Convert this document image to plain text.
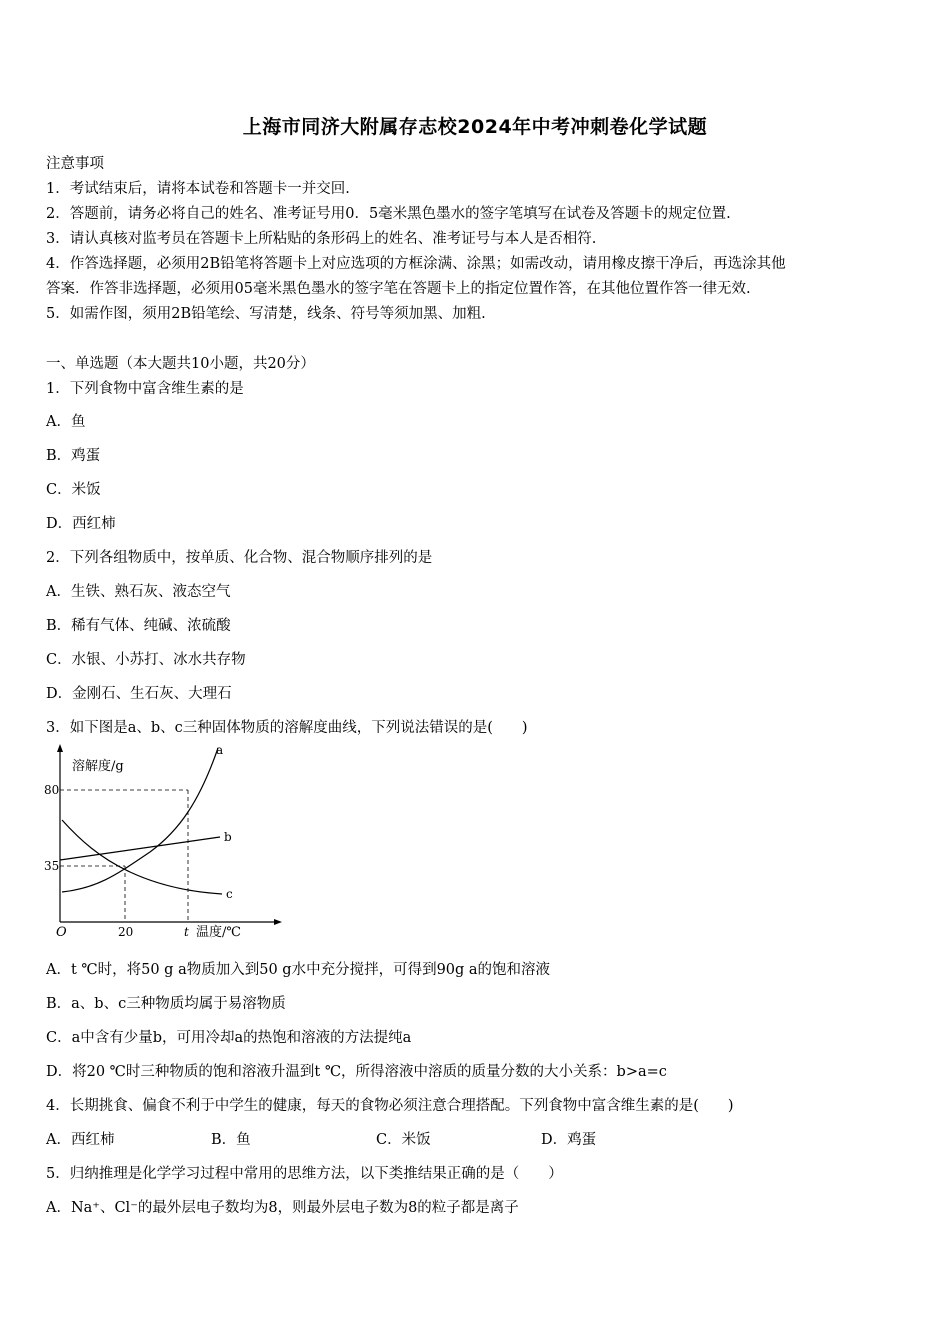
上海市同济大附属存志校2024年中考冲刺卷化学试题
注意事项
1．考试结束后，请将本试卷和答题卡一并交回.
2．答题前，请务必将自己的姓名、准考证号用0．5毫米黑色墨水的签字笔填写在试卷及答题卡的规定位置.
3．请认真核对监考员在答题卡上所粘贴的条形码上的姓名、准考证号与本人是否相符.
4．作答选择题，必须用2B铅笔将答题卡上对应选项的方框涂满、涂黑；如需改动，请用橡皮擦干净后，再选涂其他
答案．作答非选择题，必须用05毫米黑色墨水的签字笔在答题卡上的指定位置作答，在其他位置作答一律无效.
5．如需作图，须用2B铅笔绘、写清楚，线条、符号等须加黑、加粗.
一、单选题（本大题共10小题，共20分）
1．下列食物中富含维生素的是
A．鱼
B．鸡蛋
C．米饭
D．西红柿
2．下列各组物质中，按单质、化合物、混合物顺序排列的是
A．生铁、熟石灰、液态空气
B．稀有气体、纯碱、浓硫酸
C．水银、小苏打、冰水共存物
D．金刚石、生石灰、大理石
3．如下图是a、b、c三种固体物质的溶解度曲线，下列说法错误的是(　　)
溶解度/g
80
35
O	20	t 温度/℃
a
b
c
A．t ℃时，将50 g a物质加入到50 g水中充分搅拌，可得到90g a的饱和溶液
B．a、b、c三种物质均属于易溶物质
C．a中含有少量b，可用冷却a的热饱和溶液的方法提纯a
D．将20 ℃时三种物质的饱和溶液升温到t ℃，所得溶液中溶质的质量分数的大小关系：b>a=c
4．长期挑食、偏食不利于中学生的健康，每天的食物必须注意合理搭配。下列食物中富含维生素的是(　　)
A．西红柿	B．鱼	C．米饭	D．鸡蛋
5．归纳推理是化学学习过程中常用的思维方法，以下类推结果正确的是（　　）
A．Na⁺、Cl⁻的最外层电子数均为8，则最外层电子数为8的粒子都是离子
